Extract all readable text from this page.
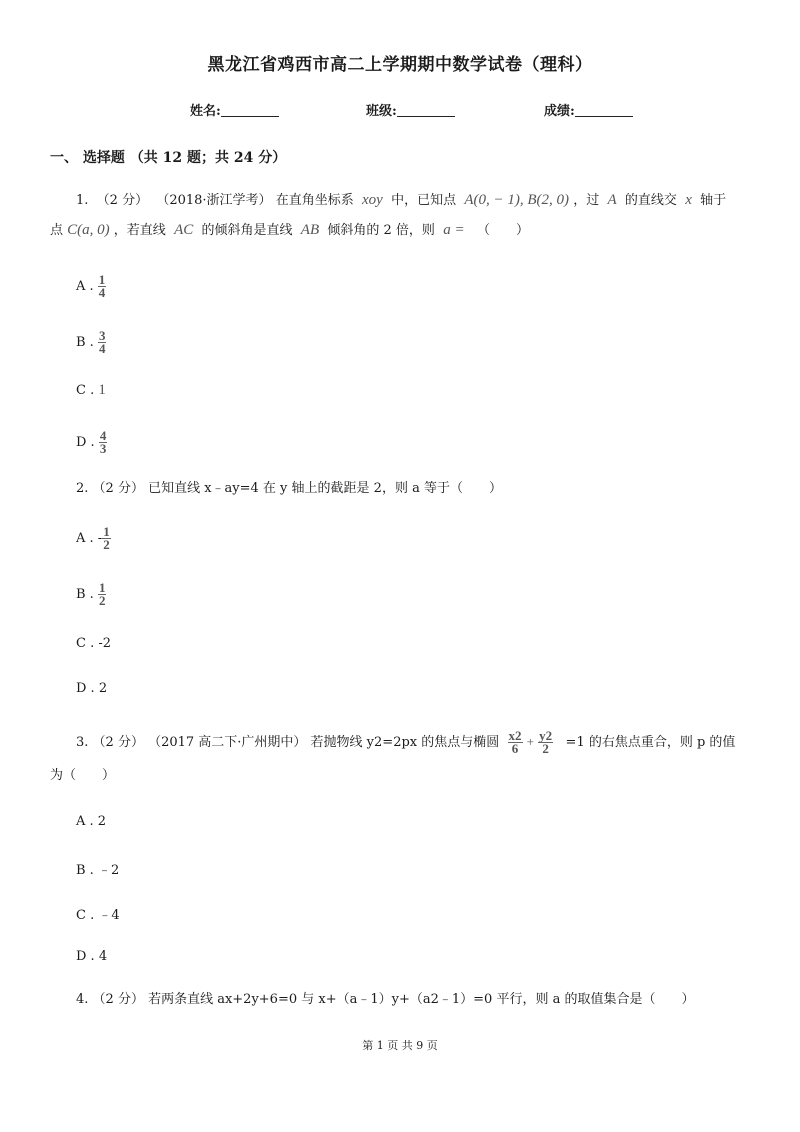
黑龙江省鸡西市高二上学期期中数学试卷（理科）
姓名:	班级:	成绩:
一、 选择题 （共 12 题；共 24 分）
1. （2 分） （2018·浙江学考） 在直角坐标系 xoy 中，已知点 A(0, − 1), B(2, 0) ，过 A 的直线交 x 轴于
点 C(a, 0) ，若直线 AC 的倾斜角是直线 AB 倾斜角的 2 倍，则 a = （　　）
A . $\frac{1}{4}$
B . $\frac{3}{4}$
C . 1
D . $\frac{4}{3}$
2. （2 分） 已知直线 x﹣ay=4 在 y 轴上的截距是 2，则 a 等于（　　）
A . - $\frac{1}{2}$
B . $\frac{1}{2}$
C . -2
D . 2
3. （2 分） （2017 高二下·广州期中） 若抛物线 y2=2px 的焦点与椭圆 $\frac{x2}{6} + \frac{y2}{2} =1$ 的右焦点重合，则 p 的值
为（　　）
A . 2
B . ﹣2
C . ﹣4
D . 4
4. （2 分） 若两条直线 ax+2y+6=0 与 x+（a﹣1）y+（a2﹣1）=0 平行，则 a 的取值集合是（　　）
第 1 页 共 9 页
